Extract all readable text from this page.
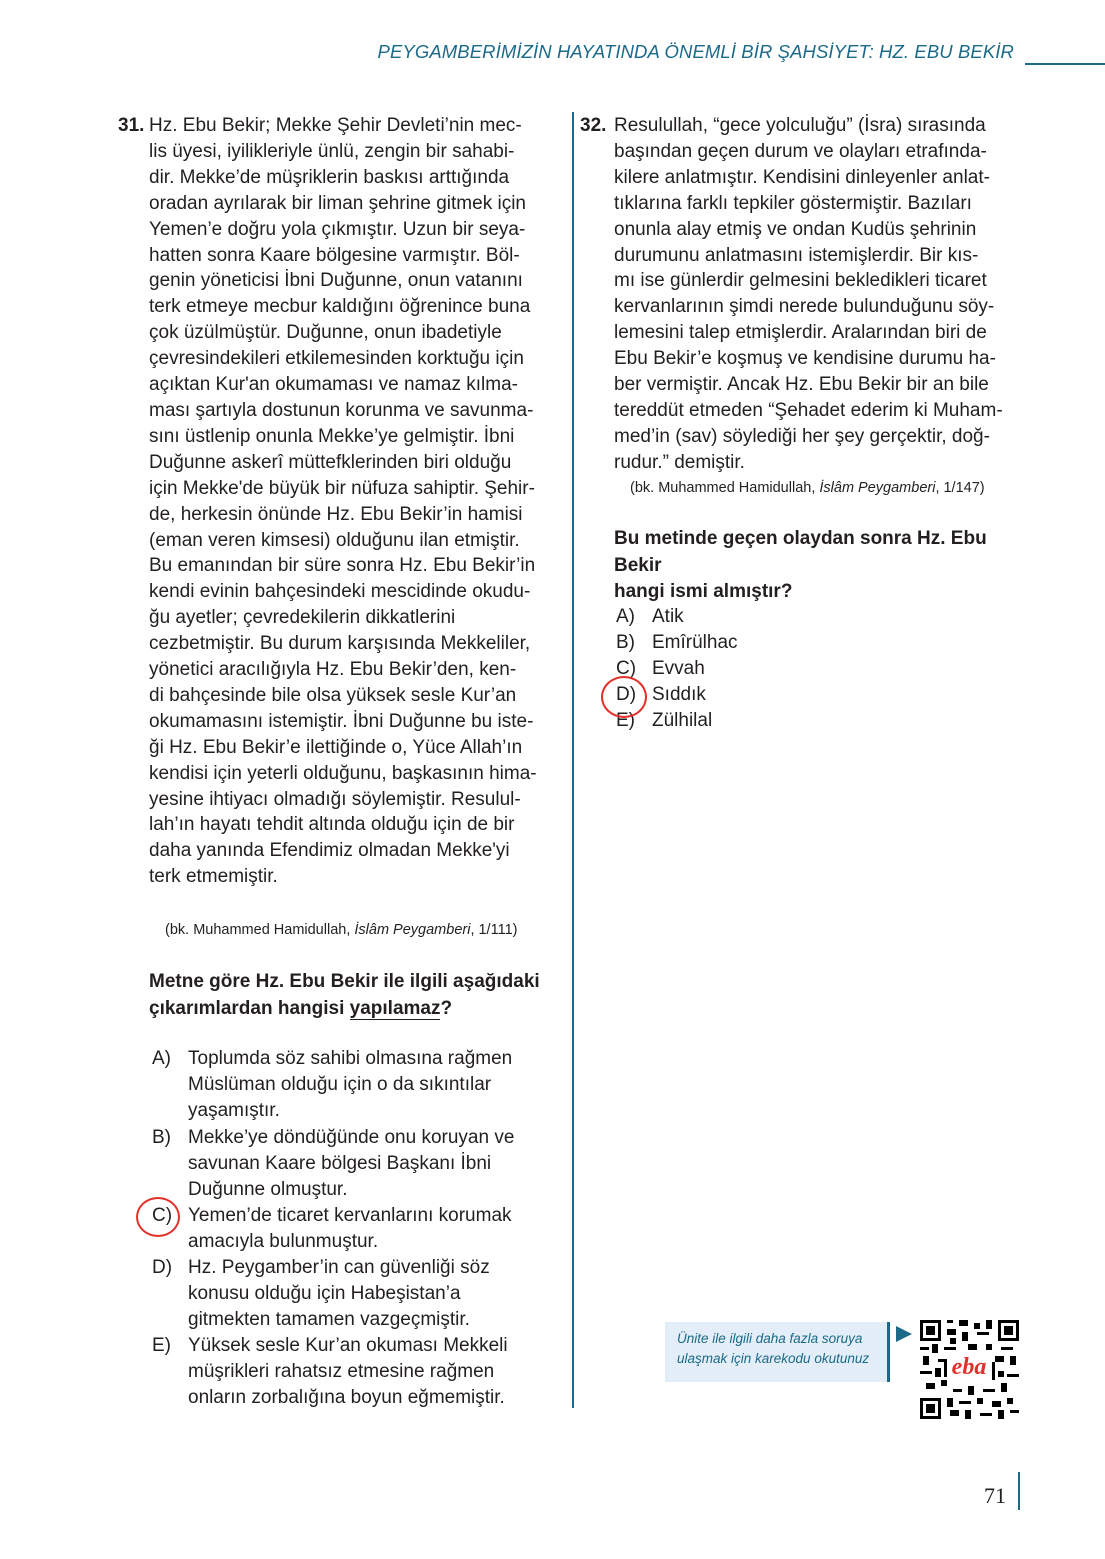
PEYGAMBERİMİZİN HAYATINDA ÖNEMLİ BİR ŞAHSİYET: HZ. EBU BEKİR
31. Hz. Ebu Bekir; Mekke Şehir Devleti’nin mec-
lis üyesi, iyilikleriyle ünlü, zengin bir sahabi-
dir. Mekke’de müşriklerin baskısı arttığında
oradan ayrılarak bir liman şehrine gitmek için
Yemen’e doğru yola çıkmıştır. Uzun bir seya-
hatten sonra Kaare bölgesine varmıştır. Böl-
genin yöneticisi İbni Duğunne, onun vatanını
terk etmeye mecbur kaldığını öğrenince buna
çok üzülmüştür. Duğunne, onun ibadetiyle
çevresindekileri etkilemesinden korktuğu için
açıktan Kur'an okumaması ve namaz kılma-
ması şartıyla dostunun korunma ve savunma-
sını üstlenip onunla Mekke’ye gelmiştir. İbni
Duğunne askerî müttefklerinden biri olduğu
için Mekke'de büyük bir nüfuza sahiptir. Şehir-
de, herkesin önünde Hz. Ebu Bekir’in hamisi
(eman veren kimsesi) olduğunu ilan etmiştir.
Bu emanından bir süre sonra Hz. Ebu Bekir’in
kendi evinin bahçesindeki mescidinde okudu-
ğu ayetler; çevredekilerin dikkatlerini
cezbetmiştir. Bu durum karşısında Mekkeliler,
yönetici aracılığıyla Hz. Ebu Bekir’den, ken-
di bahçesinde bile olsa yüksek sesle Kur’an
okumamasını istemiştir. İbni Duğunne bu iste-
ği Hz. Ebu Bekir’e ilettiğinde o, Yüce Allah’ın
kendisi için yeterli olduğunu, başkasının hima-
yesine ihtiyacı olmadığı söylemiştir. Resulul-
lah’ın hayatı tehdit altında olduğu için de bir
daha yanında Efendimiz olmadan Mekke'yi
terk etmemiştir.

(bk. Muhammed Hamidullah, İslâm Peygamberi, 1/111)

Metne göre Hz. Ebu Bekir ile ilgili aşağıdaki
çıkarımlardan hangisi yapılamaz?

A) Toplumda söz sahibi olmasına rağmen
Müslüman olduğu için o da sıkıntılar
yaşamıştır.
B) Mekke’ye döndüğünde onu koruyan ve
savunan Kaare bölgesi Başkanı İbni
Duğunne olmuştur.
C) Yemen’de ticaret kervanlarını korumak
amacıyla bulunmuştur.
D) Hz. Peygamber’in can güvenliği söz
konusu olduğu için Habeşistan’a
gitmekten tamamen vazgeçmiştir.
E) Yüksek sesle Kur’an okuması Mekkeli
müşrikleri rahatsız etmesine rağmen
onların zorbalığına boyun eğmemiştir.
32. Resulullah, “gece yolculuğu” (İsra) sırasında
başından geçen durum ve olayları etrafında-
kilere anlatmıştır. Kendisini dinleyenler anlat-
tıklarına farklı tepkiler göstermiştir. Bazıları
onunla alay etmiş ve ondan Kudüs şehrinin
durumunu anlatmasını istemişlerdir. Bir kıs-
mı ise günlerdir gelmesini bekledikleri ticaret
kervanlarının şimdi nerede bulunduğunu söy-
lemesini talep etmişlerdir. Aralarından biri de
Ebu Bekir’e koşmuş ve kendisine durumu ha-
ber vermiştir. Ancak Hz. Ebu Bekir bir an bile
tereddüt etmeden “Şehadet ederim ki Muham-
med’in (sav) söylediği her şey gerçektir, doğ-
rudur.” demiştir.

(bk. Muhammed Hamidullah, İslâm Peygamberi, 1/147)

Bu metinde geçen olaydan sonra Hz. Ebu Bekir
hangi ismi almıştır?

A) Atik
B) Emîrülhac
C) Evvah
D) Sıddık
E) Zülhilal
Ünite ile ilgili daha fazla soruya
ulaşmak için karekodu okutunuz	eba
71
